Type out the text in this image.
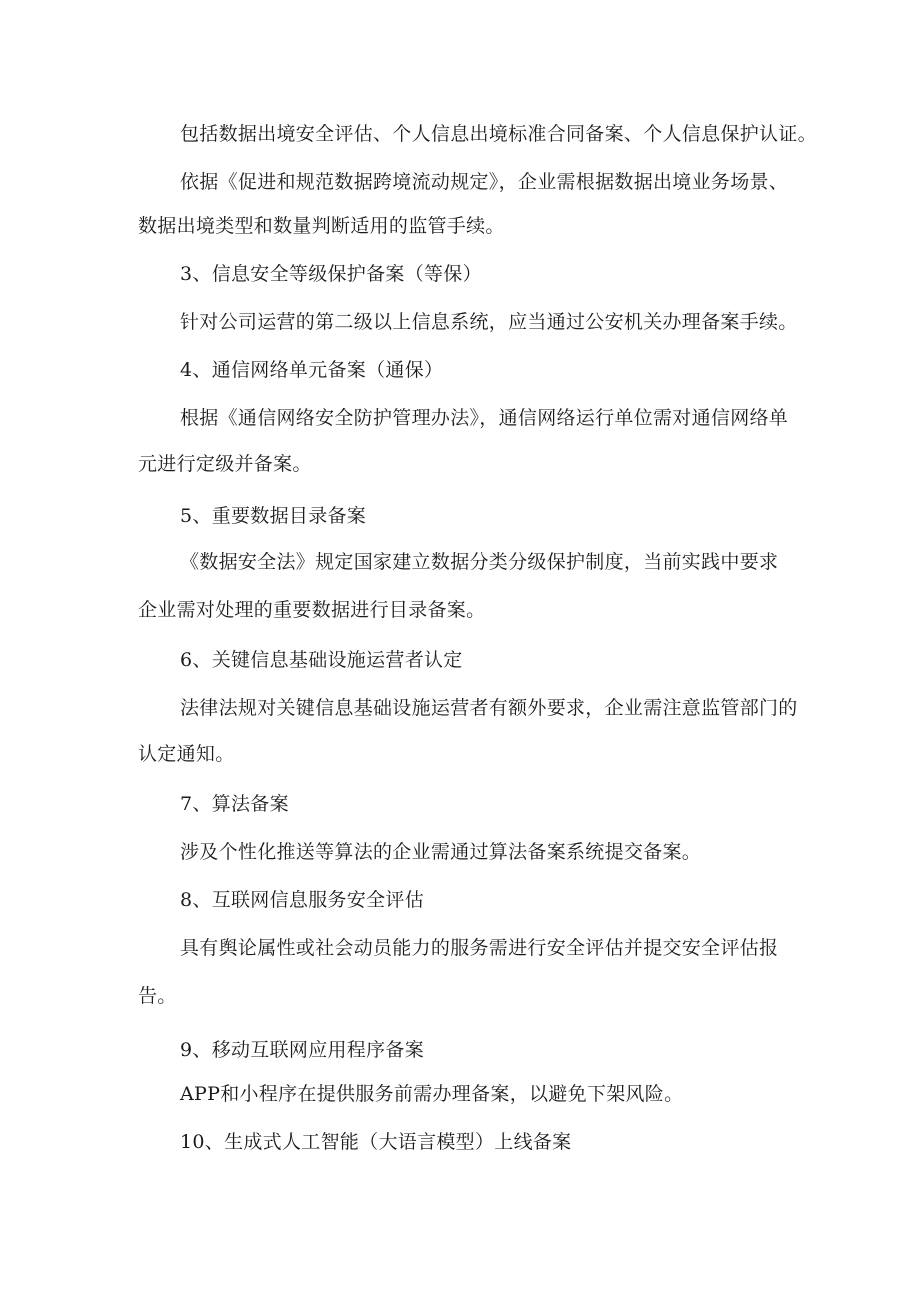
包括数据出境安全评估、个人信息出境标准合同备案、个人信息保护认证。
依据《促进和规范数据跨境流动规定》，企业需根据数据出境业务场景、
数据出境类型和数量判断适用的监管手续。
3、信息安全等级保护备案（等保）
针对公司运营的第二级以上信息系统，应当通过公安机关办理备案手续。
4、通信网络单元备案（通保）
根据《通信网络安全防护管理办法》，通信网络运行单位需对通信网络单
元进行定级并备案。
5、重要数据目录备案
《数据安全法》规定国家建立数据分类分级保护制度，当前实践中要求
企业需对处理的重要数据进行目录备案。
6、关键信息基础设施运营者认定
法律法规对关键信息基础设施运营者有额外要求，企业需注意监管部门的
认定通知。
7、算法备案
涉及个性化推送等算法的企业需通过算法备案系统提交备案。
8、互联网信息服务安全评估
具有舆论属性或社会动员能力的服务需进行安全评估并提交安全评估报
告。
9、移动互联网应用程序备案
APP和小程序在提供服务前需办理备案，以避免下架风险。
10、生成式人工智能（大语言模型）上线备案
